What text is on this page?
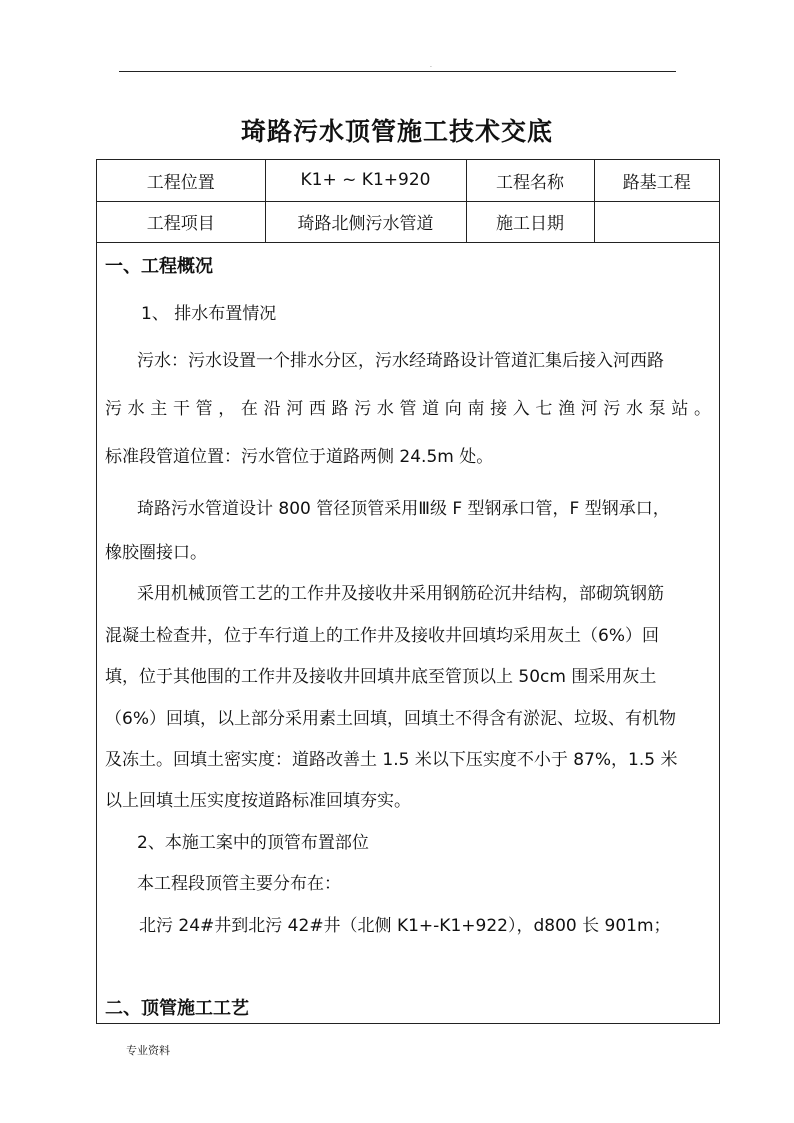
.
琦路污水顶管施工技术交底
工程位置	K1+ ~ K1+920	工程名称	路基工程
工程项目	琦路北侧污水管道	施工日期	
一、工程概况
1、 排水布置情况
污水：污水设置一个排水分区，污水经琦路设计管道汇集后接入河西路
污水主干管，在沿河西路污水管道向南接入七渔河污水泵站。
标准段管道位置：污水管位于道路两侧 24.5m 处。
琦路污水管道设计 800 管径顶管采用Ⅲ级 F 型钢承口管，F 型钢承口，
橡胶圈接口。
采用机械顶管工艺的工作井及接收井采用钢筋砼沉井结构，部砌筑钢筋
混凝土检查井，位于车行道上的工作井及接收井回填均采用灰土（6%）回
填，位于其他围的工作井及接收井回填井底至管顶以上 50cm 围采用灰土
（6%）回填，以上部分采用素土回填，回填土不得含有淤泥、垃圾、有机物
及冻土。回填土密实度：道路改善土 1.5 米以下压实度不小于 87%，1.5 米
以上回填土压实度按道路标准回填夯实。
2、本施工案中的顶管布置部位
本工程段顶管主要分布在：
北污 24#井到北污 42#井（北侧 K1+-K1+922），d800 长 901m；
二、顶管施工工艺
专业资料
